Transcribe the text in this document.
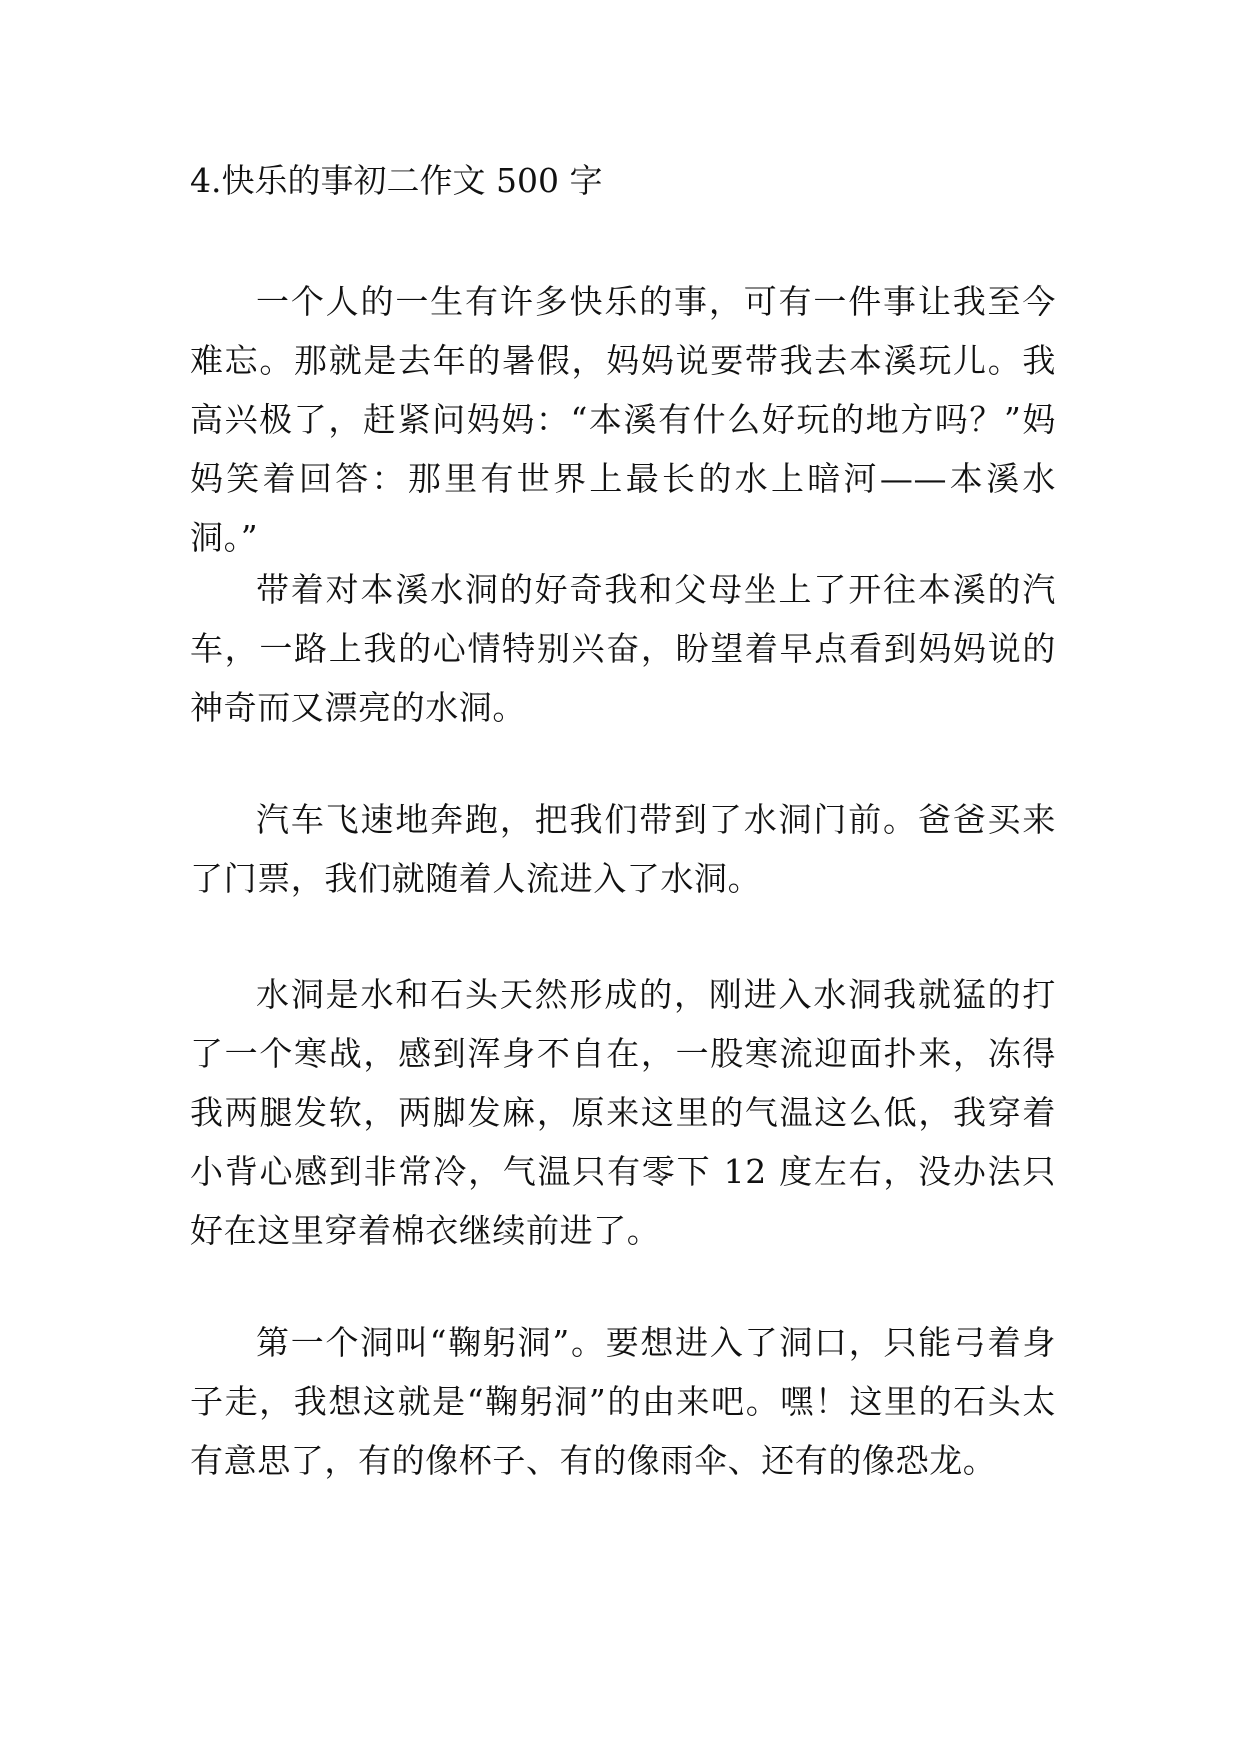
4.快乐的事初二作文 500 字
一个人的一生有许多快乐的事，可有一件事让我至今难忘。那就是去年的暑假，妈妈说要带我去本溪玩儿。我高兴极了，赶紧问妈妈：“本溪有什么好玩的地方吗？”妈妈笑着回答：那里有世界上最长的水上暗河——本溪水洞。”
带着对本溪水洞的好奇我和父母坐上了开往本溪的汽车，一路上我的心情特别兴奋，盼望着早点看到妈妈说的神奇而又漂亮的水洞。
汽车飞速地奔跑，把我们带到了水洞门前。爸爸买来了门票，我们就随着人流进入了水洞。
水洞是水和石头天然形成的，刚进入水洞我就猛的打了一个寒战，感到浑身不自在，一股寒流迎面扑来，冻得我两腿发软，两脚发麻，原来这里的气温这么低，我穿着小背心感到非常冷，气温只有零下 12 度左右，没办法只好在这里穿着棉衣继续前进了。
第一个洞叫“鞠躬洞”。要想进入了洞口，只能弓着身子走，我想这就是“鞠躬洞”的由来吧。嘿！这里的石头太有意思了，有的像杯子、有的像雨伞、还有的像恐龙。
